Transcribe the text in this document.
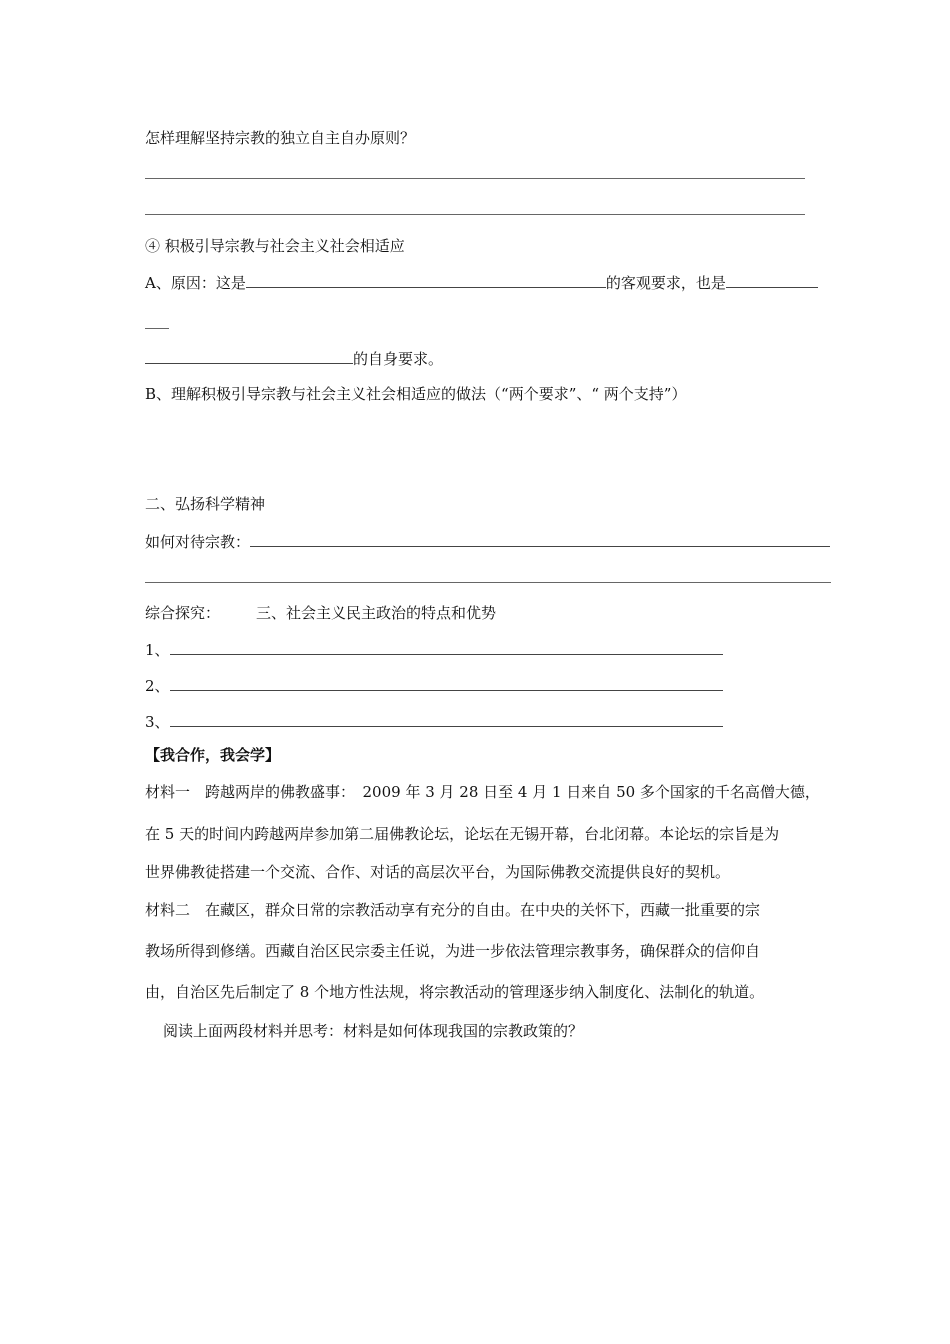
怎样理解坚持宗教的独立自主自办原则？
④ 积极引导宗教与社会主义社会相适应
A、原因：这是	的客观要求，也是
的自身要求。
B、理解积极引导宗教与社会主义社会相适应的做法（“两个要求”、“ 两个支持”）
二、弘扬科学精神
如何对待宗教：
综合探究： 三、社会主义民主政治的特点和优势
1、
2、
3、
【我合作，我会学】
材料一　跨越两岸的佛教盛事：　2009 年 3 月 28 日至 4 月 1 日来自 50 多个国家的千名高僧大德，
在 5 天的时间内跨越两岸参加第二届佛教论坛，论坛在无锡开幕，台北闭幕。本论坛的宗旨是为
世界佛教徒搭建一个交流、合作、对话的高层次平台，为国际佛教交流提供良好的契机。
材料二　在藏区，群众日常的宗教活动享有充分的自由。在中央的关怀下，西藏一批重要的宗
教场所得到修缮。西藏自治区民宗委主任说，为进一步依法管理宗教事务，确保群众的信仰自
由，自治区先后制定了 8 个地方性法规，将宗教活动的管理逐步纳入制度化、法制化的轨道。
阅读上面两段材料并思考：材料是如何体现我国的宗教政策的？
